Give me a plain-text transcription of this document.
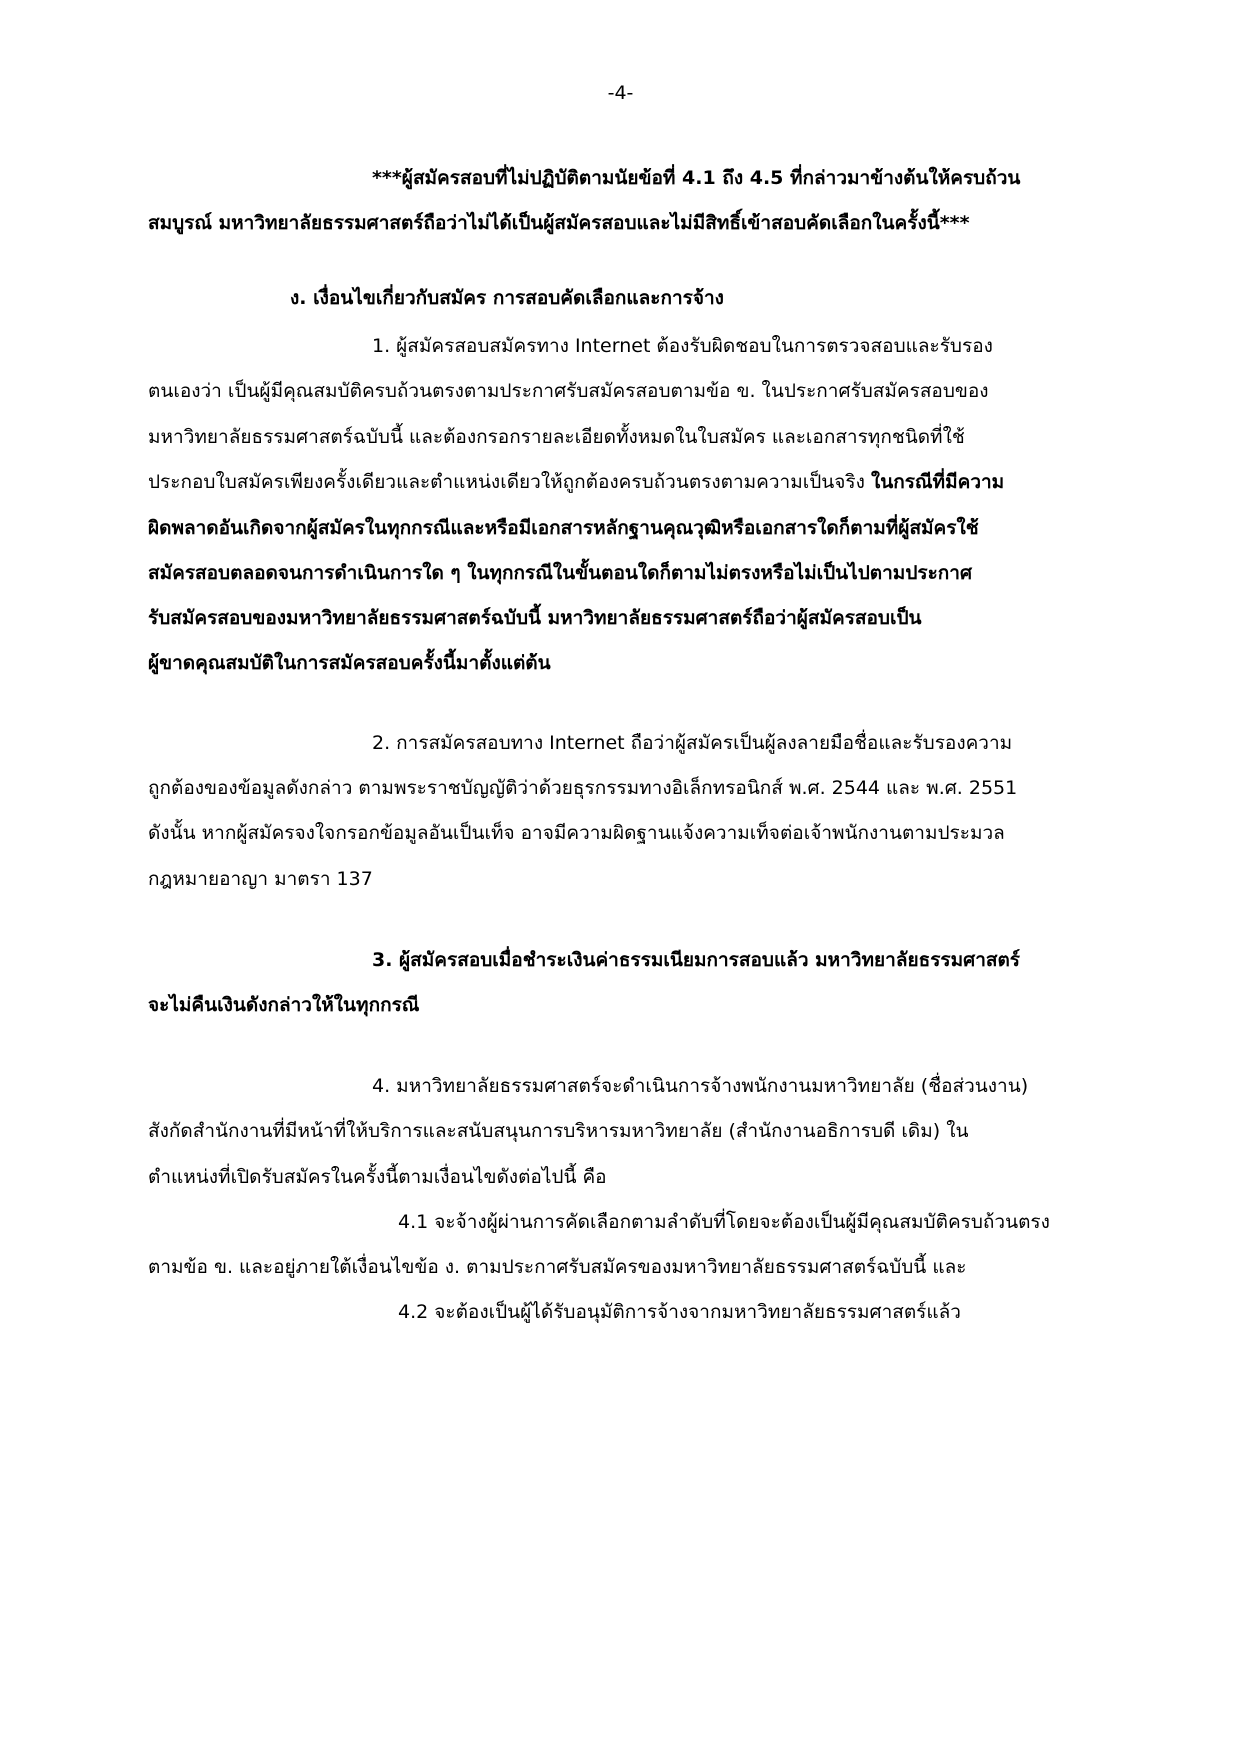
-4-
***ผู้สมัครสอบที่ไม่ปฏิบัติตามนัยข้อที่ 4.1 ถึง 4.5 ที่กล่าวมาข้างต้นให้ครบถ้วน
สมบูรณ์ มหาวิทยาลัยธรรมศาสตร์ถือว่าไม่ได้เป็นผู้สมัครสอบและไม่มีสิทธิ์เข้าสอบคัดเลือกในครั้งนี้***
ง. เงื่อนไขเกี่ยวกับสมัคร การสอบคัดเลือกและการจ้าง
1. ผู้สมัครสอบสมัครทาง Internet ต้องรับผิดชอบในการตรวจสอบและรับรอง
ตนเองว่า เป็นผู้มีคุณสมบัติครบถ้วนตรงตามประกาศรับสมัครสอบตามข้อ ข. ในประกาศรับสมัครสอบของ
มหาวิทยาลัยธรรมศาสตร์ฉบับนี้ และต้องกรอกรายละเอียดทั้งหมดในใบสมัคร และเอกสารทุกชนิดที่ใช้
ประกอบใบสมัครเพียงครั้งเดียวและตำแหน่งเดียวให้ถูกต้องครบถ้วนตรงตามความเป็นจริง ในกรณีที่มีความ
ผิดพลาดอันเกิดจากผู้สมัครในทุกกรณีและหรือมีเอกสารหลักฐานคุณวุฒิหรือเอกสารใดก็ตามที่ผู้สมัครใช้
สมัครสอบตลอดจนการดำเนินการใด ๆ ในทุกกรณีในขั้นตอนใดก็ตามไม่ตรงหรือไม่เป็นไปตามประกาศ
รับสมัครสอบของมหาวิทยาลัยธรรมศาสตร์ฉบับนี้ มหาวิทยาลัยธรรมศาสตร์ถือว่าผู้สมัครสอบเป็น
ผู้ขาดคุณสมบัติในการสมัครสอบครั้งนี้มาตั้งแต่ต้น
2. การสมัครสอบทาง Internet ถือว่าผู้สมัครเป็นผู้ลงลายมือชื่อและรับรองความ
ถูกต้องของข้อมูลดังกล่าว ตามพระราชบัญญัติว่าด้วยธุรกรรมทางอิเล็กทรอนิกส์ พ.ศ. 2544 และ พ.ศ. 2551
ดังนั้น หากผู้สมัครจงใจกรอกข้อมูลอันเป็นเท็จ อาจมีความผิดฐานแจ้งความเท็จต่อเจ้าพนักงานตามประมวล
กฎหมายอาญา มาตรา 137
3. ผู้สมัครสอบเมื่อชำระเงินค่าธรรมเนียมการสอบแล้ว มหาวิทยาลัยธรรมศาสตร์
จะไม่คืนเงินดังกล่าวให้ในทุกกรณี
4. มหาวิทยาลัยธรรมศาสตร์จะดำเนินการจ้างพนักงานมหาวิทยาลัย (ชื่อส่วนงาน)
สังกัดสำนักงานที่มีหน้าที่ให้บริการและสนับสนุนการบริหารมหาวิทยาลัย (สำนักงานอธิการบดี เดิม) ใน
ตำแหน่งที่เปิดรับสมัครในครั้งนี้ตามเงื่อนไขดังต่อไปนี้ คือ
4.1 จะจ้างผู้ผ่านการคัดเลือกตามลำดับที่โดยจะต้องเป็นผู้มีคุณสมบัติครบถ้วนตรง
ตามข้อ ข. และอยู่ภายใต้เงื่อนไขข้อ ง. ตามประกาศรับสมัครของมหาวิทยาลัยธรรมศาสตร์ฉบับนี้ และ
4.2 จะต้องเป็นผู้ได้รับอนุมัติการจ้างจากมหาวิทยาลัยธรรมศาสตร์แล้ว
